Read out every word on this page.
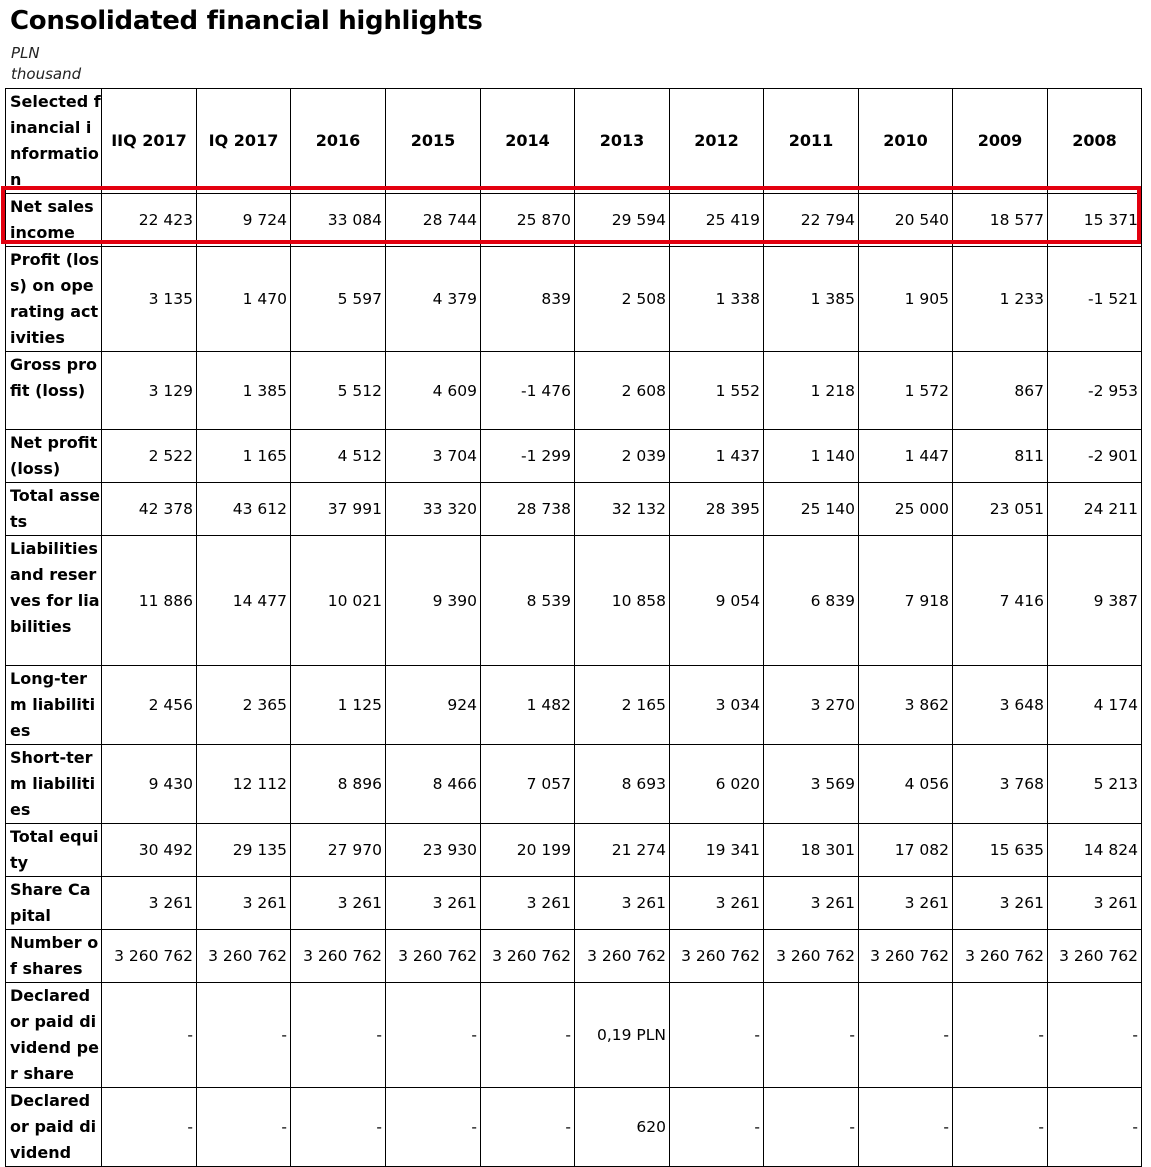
Consolidated financial highlights
PLN thousand
Selected financial information	IIQ 2017	IQ 2017	2016	2015	2014	2013	2012	2011	2010	2009	2008
Net sales income	22 423	9 724	33 084	28 744	25 870	29 594	25 419	22 794	20 540	18 577	15 371
Profit (loss) on operating activities	3 135	1 470	5 597	4 379	839	2 508	1 338	1 385	1 905	1 233	-1 521
Gross profit (loss)	3 129	1 385	5 512	4 609	-1 476	2 608	1 552	1 218	1 572	867	-2 953
Net profit (loss)	2 522	1 165	4 512	3 704	-1 299	2 039	1 437	1 140	1 447	811	-2 901
Total assets	42 378	43 612	37 991	33 320	28 738	32 132	28 395	25 140	25 000	23 051	24 211
Liabilities and reserves for liabilities	11 886	14 477	10 021	9 390	8 539	10 858	9 054	6 839	7 918	7 416	9 387
Long-term liabilities	2 456	2 365	1 125	924	1 482	2 165	3 034	3 270	3 862	3 648	4 174
Short-term liabilities	9 430	12 112	8 896	8 466	7 057	8 693	6 020	3 569	4 056	3 768	5 213
Total equity	30 492	29 135	27 970	23 930	20 199	21 274	19 341	18 301	17 082	15 635	14 824
Share Capital	3 261	3 261	3 261	3 261	3 261	3 261	3 261	3 261	3 261	3 261	3 261
Number of shares	3 260 762	3 260 762	3 260 762	3 260 762	3 260 762	3 260 762	3 260 762	3 260 762	3 260 762	3 260 762	3 260 762
Declared or paid dividend per share	-	-	-	-	-	0,19 PLN	-	-	-	-	-
Declared or paid dividend	-	-	-	-	-	620	-	-	-	-	-
